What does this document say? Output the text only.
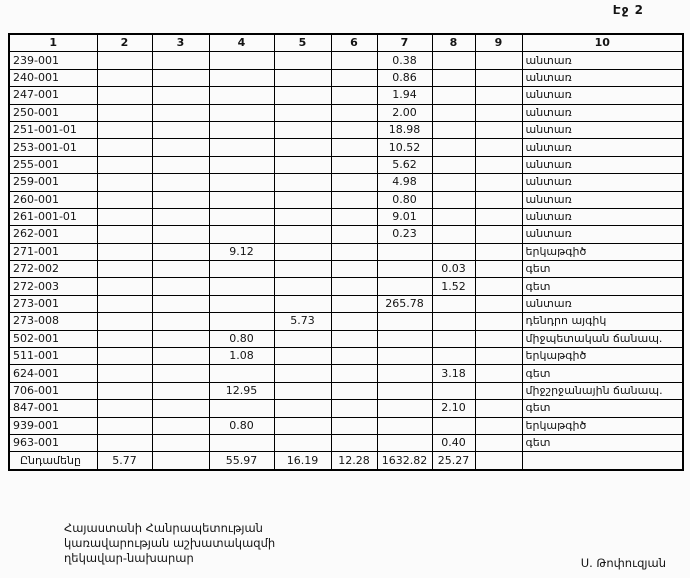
Էջ 2
1	2	3	4	5	6	7	8	9	10
239-001						0.38			անտառ
240-001						0.86			անտառ
247-001						1.94			անտառ
250-001						2.00			անտառ
251-001-01						18.98			անտառ
253-001-01						10.52			անտառ
255-001						5.62			անտառ
259-001						4.98			անտառ
260-001						0.80			անտառ
261-001-01						9.01			անտառ
262-001						0.23			անտառ
271-001			9.12						երկաթգիծ
272-002							0.03		գետ
272-003							1.52		գետ
273-001						265.78			անտառ
273-008				5.73					դենդրո այգիկ
502-001			0.80						միջպետական ճանապ.
511-001			1.08						երկաթգիծ
624-001							3.18		գետ
706-001			12.95						միջշրջանային ճանապ.
847-001							2.10		գետ
939-001			0.80						երկաթգիծ
963-001							0.40		գետ
Ընդամենը	5.77		55.97	16.19	12.28	1632.82	25.27		
Հայաստանի Հանրապետության
կառավարության աշխատակազմի
ղեկավար-նախարար	Ս. Թոփուզյան
